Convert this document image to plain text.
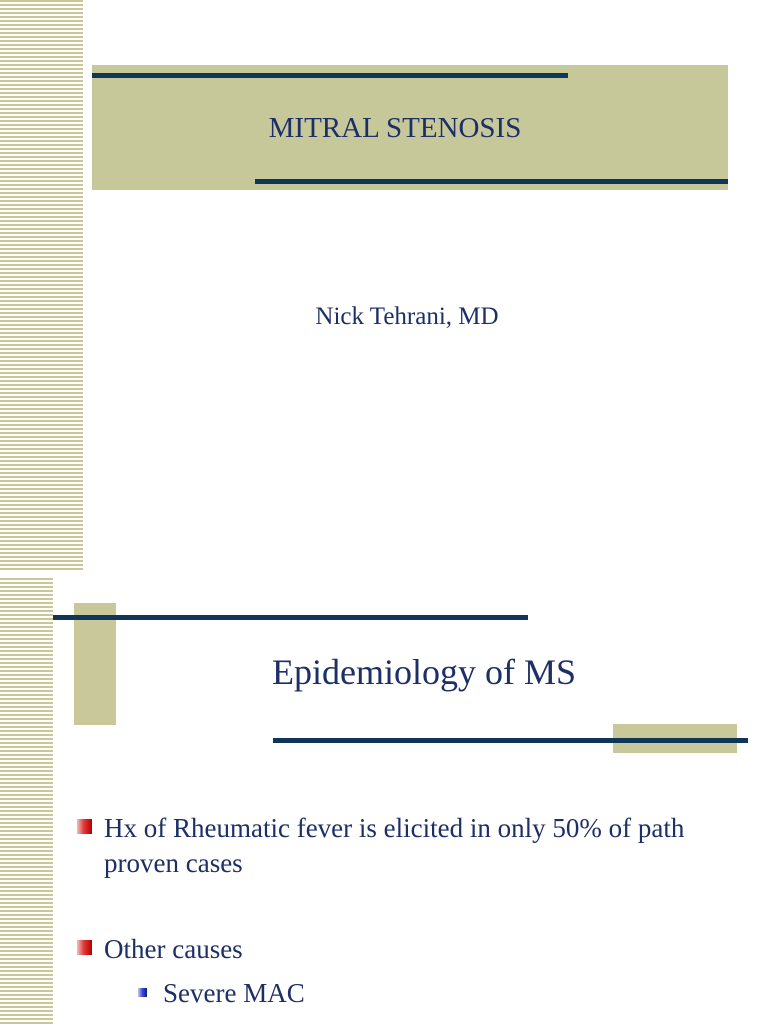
MITRAL STENOSIS
Nick Tehrani, MD
Epidemiology of MS
Hx of Rheumatic fever is elicited in only 50% of path proven cases
Other causes
Severe MAC
